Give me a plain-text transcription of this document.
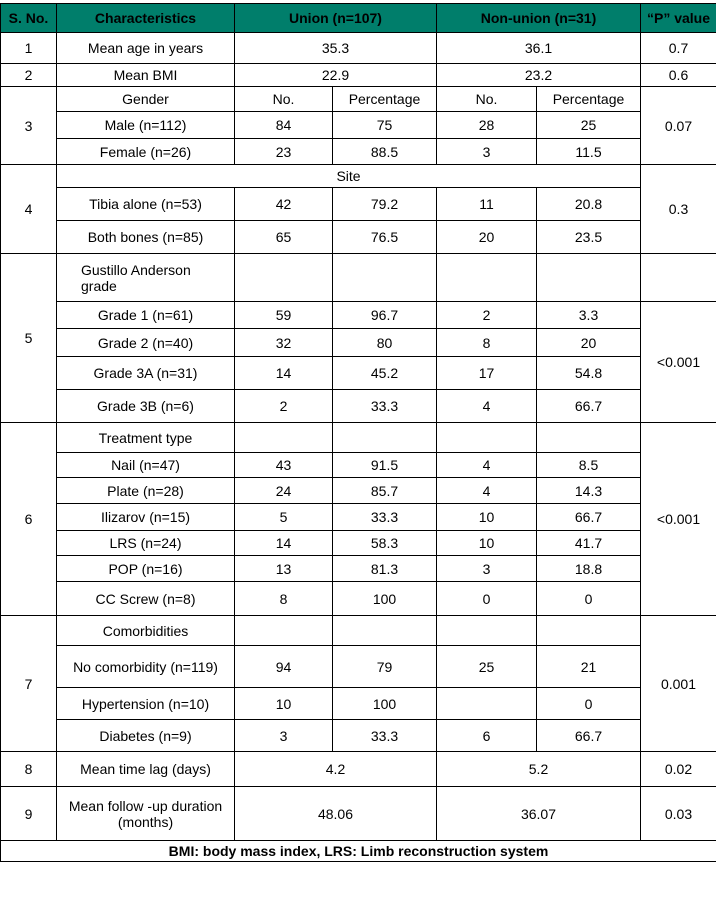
S. No.	Characteristics	Union (n=107)		Non-union (n=31)		“P” value
1	Mean age in years	35.3		36.1		0.7
2	Mean BMI	22.9		23.2		0.6
3	Gender	No.	Percentage	No.	Percentage	0.07
	Male (n=112)	84	75	28	25	
	Female (n=26)	23	88.5	3	11.5	
4	Site					0.3
	Tibia alone (n=53)	42	79.2	11	20.8	
	Both bones (n=85)	65	76.5	20	23.5	
5	Gustillo Anderson grade					
	Grade 1 (n=61)	59	96.7	2	3.3	<0.001
	Grade 2 (n=40)	32	80	8	20	
	Grade 3A (n=31)	14	45.2	17	54.8	
	Grade 3B (n=6)	2	33.3	4	66.7	
6	Treatment type					<0.001
	Nail (n=47)	43	91.5	4	8.5	
	Plate (n=28)	24	85.7	4	14.3	
	Ilizarov (n=15)	5	33.3	10	66.7	
	LRS (n=24)	14	58.3	10	41.7	
	POP (n=16)	13	81.3	3	18.8	
	CC Screw (n=8)	8	100	0	0	
7	Comorbidities					0.001
	No comorbidity (n=119)	94	79	25	21	
	Hypertension (n=10)	10	100		0	
	Diabetes (n=9)	3	33.3	6	66.7	
8	Mean time lag (days)	4.2		5.2		0.02
9	Mean follow -up duration (months)	48.06		36.07		0.03
BMI: body mass index, LRS: Limb reconstruction system						
